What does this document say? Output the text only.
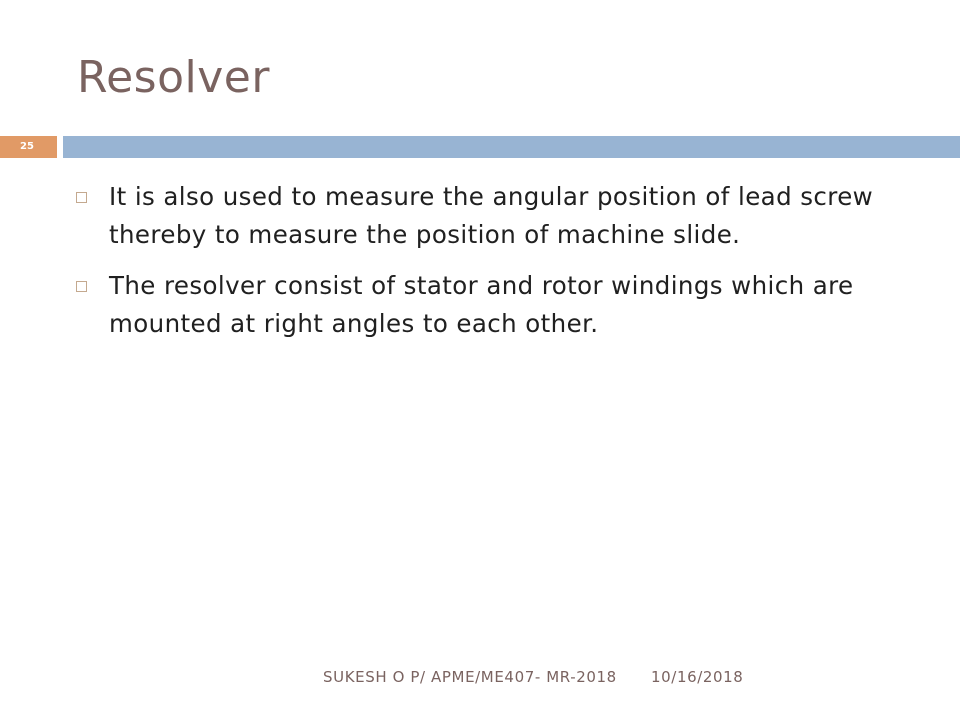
Resolver
25
It is also used to measure the angular position of lead screw thereby to measure the position of machine slide.
The resolver consist of stator and rotor windings which are mounted at right angles to each other.
SUKESH O P/ APME/ME407- MR-2018 10/16/2018
